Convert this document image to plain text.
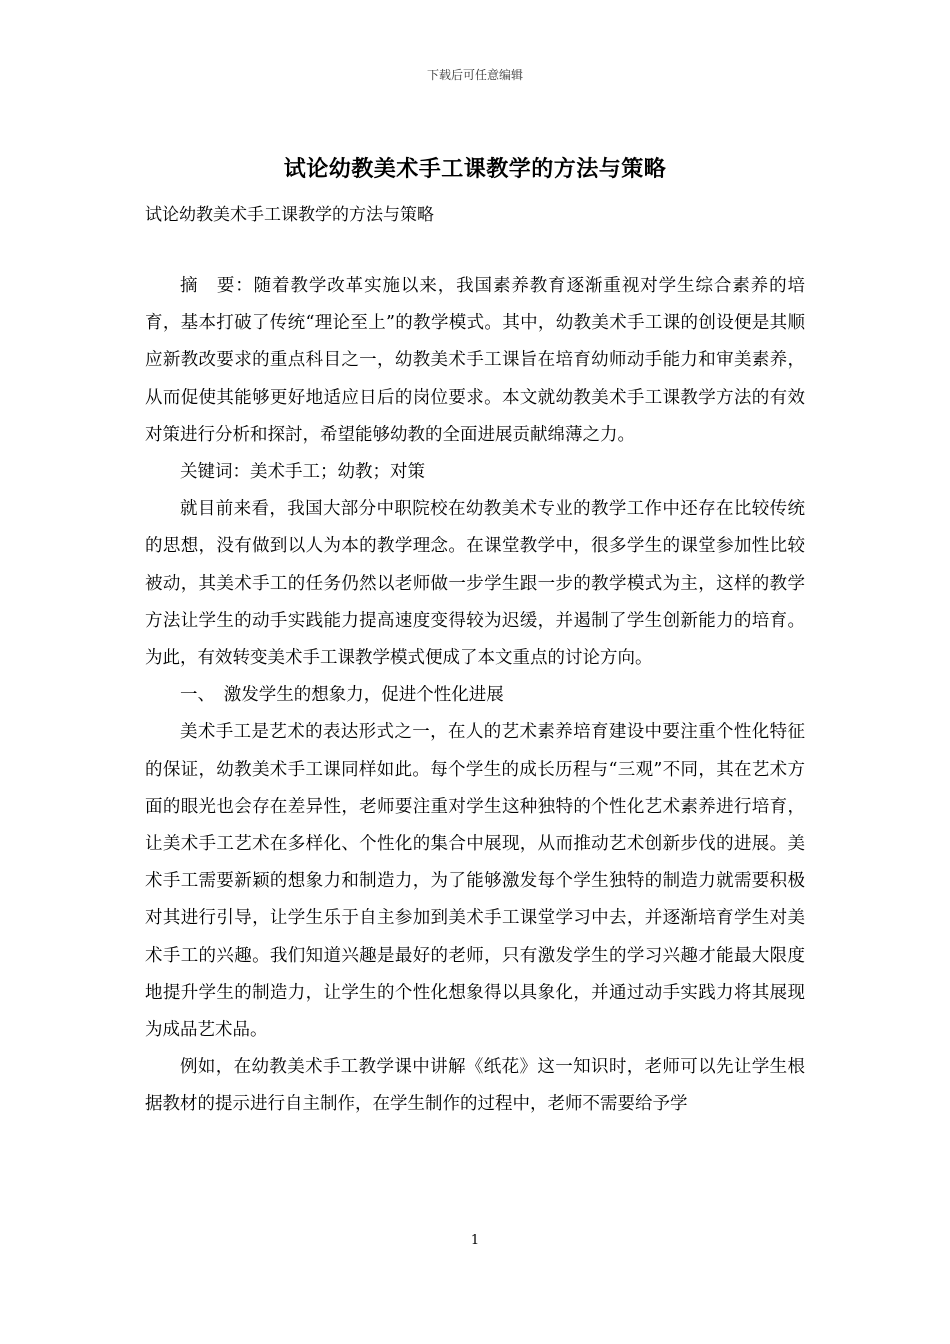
下载后可任意编辑
试论幼教美术手工课教学的方法与策略
试论幼教美术手工课教学的方法与策略

摘　要：随着教学改革实施以来，我国素养教育逐渐重视对学生综合素养的培育，基本打破了传统“理论至上”的教学模式。其中，幼教美术手工课的创设便是其顺应新教改要求的重点科目之一，幼教美术手工课旨在培育幼师动手能力和审美素养，从而促使其能够更好地适应日后的岗位要求。本文就幼教美术手工课教学方法的有效对策进行分析和探討，希望能够幼教的全面进展贡献绵薄之力。

关键词：美术手工；幼教；对策

就目前来看，我国大部分中职院校在幼教美术专业的教学工作中还存在比较传统的思想，没有做到以人为本的教学理念。在课堂教学中，很多学生的课堂参加性比较被动，其美术手工的任务仍然以老师做一步学生跟一步的教学模式为主，这样的教学方法让学生的动手实践能力提高速度变得较为迟缓，并遏制了学生创新能力的培育。为此，有效转变美术手工课教学模式便成了本文重点的讨论方向。

一、　激发学生的想象力，促进个性化进展

美术手工是艺术的表达形式之一，在人的艺术素养培育建设中要注重个性化特征的保证，幼教美术手工课同样如此。每个学生的成长历程与“三观”不同，其在艺术方面的眼光也会存在差异性，老师要注重对学生这种独特的个性化艺术素养进行培育，让美术手工艺术在多样化、个性化的集合中展现，从而推动艺术创新步伐的进展。美术手工需要新颖的想象力和制造力，为了能够激发每个学生独特的制造力就需要积极对其进行引导，让学生乐于自主参加到美术手工课堂学习中去，并逐渐培育学生对美术手工的兴趣。我们知道兴趣是最好的老师，只有激发学生的学习兴趣才能最大限度地提升学生的制造力，让学生的个性化想象得以具象化，并通过动手实践力将其展现为成品艺术品。

例如，在幼教美术手工教学课中讲解《纸花》这一知识时，老师可以先让学生根据教材的提示进行自主制作，在学生制作的过程中，老师不需要给予学

1
